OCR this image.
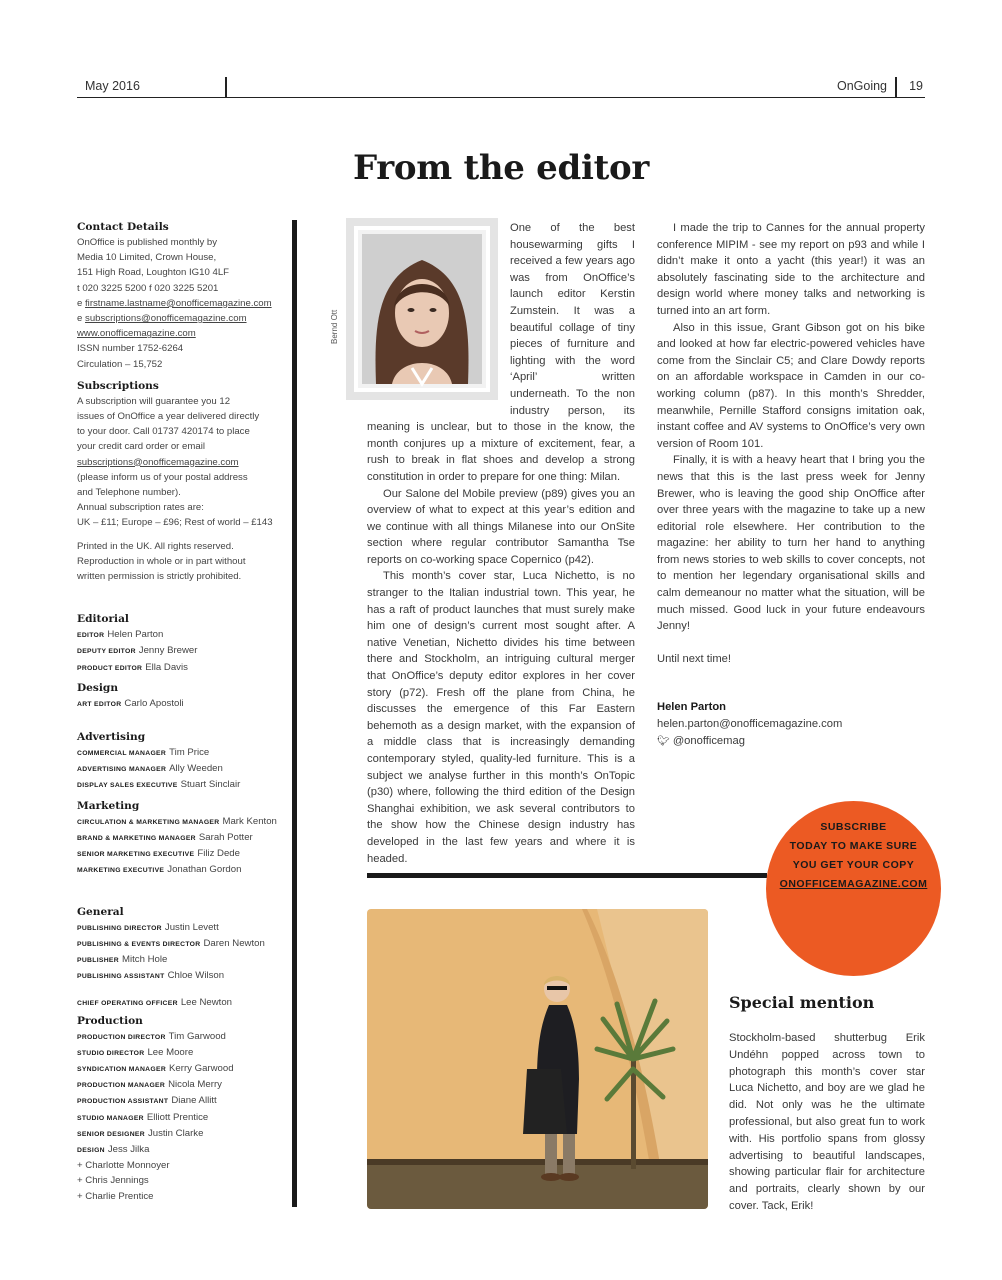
May 2016	OnGoing 19
From the editor
Contact Details
OnOffice is published monthly by
Media 10 Limited, Crown House,
151 High Road, Loughton IG10 4LF
t 020 3225 5200 f 020 3225 5201
e firstname.lastname@onofficemagazine.com
e subscriptions@onofficemagazine.com
www.onofficemagazine.com
ISSN number 1752-6264
Circulation – 15,752
Subscriptions
A subscription will guarantee you 12
issues of OnOffice a year delivered directly
to your door. Call 01737 420174 to place
your credit card order or email
subscriptions@onofficemagazine.com
(please inform us of your postal address
and Telephone number).
Annual subscription rates are:
UK – £11; Europe – £96; Rest of world – £143
Printed in the UK. All rights reserved.
Reproduction in whole or in part without
written permission is strictly prohibited.
Editorial
EDITOR Helen Parton
DEPUTY EDITOR Jenny Brewer
PRODUCT EDITOR Ella Davis
Design
ART EDITOR Carlo Apostoli
Advertising
COMMERCIAL MANAGER Tim Price
ADVERTISING MANAGER Ally Weeden
DISPLAY SALES EXECUTIVE Stuart Sinclair
Marketing
CIRCULATION & MARKETING MANAGER Mark Kenton
BRAND & MARKETING MANAGER Sarah Potter
SENIOR MARKETING EXECUTIVE Filiz Dede
MARKETING EXECUTIVE Jonathan Gordon
General
PUBLISHING DIRECTOR Justin Levett
PUBLISHING & EVENTS DIRECTOR Daren Newton
PUBLISHER Mitch Hole
PUBLISHING ASSISTANT Chloe Wilson
CHIEF OPERATING OFFICER Lee Newton
Production
PRODUCTION DIRECTOR Tim Garwood
STUDIO DIRECTOR Lee Moore
SYNDICATION MANAGER Kerry Garwood
PRODUCTION MANAGER Nicola Merry
PRODUCTION ASSISTANT Diane Allitt
STUDIO MANAGER Elliott Prentice
SENIOR DESIGNER Justin Clarke
DESIGN Jess Jilka
+ Charlotte Monnoyer
+ Chris Jennings
+ Charlie Prentice
Bernd Ott

One of the best housewarming gifts I received a few years ago was from OnOffice’s launch editor Kerstin Zumstein. It was a beautiful collage of tiny pieces of furniture and lighting with the word ‘April’ written underneath. To the non industry person, its meaning is unclear, but to those in the know, the month conjures up a mixture of excitement, fear, a rush to break in flat shoes and develop a strong constitution in order to prepare for one thing: Milan.

Our Salone del Mobile preview (p89) gives you an overview of what to expect at this year’s edition and we continue with all things Milanese into our OnSite section where regular contributor Samantha Tse reports on co-working space Copernico (p42).

This month’s cover star, Luca Nichetto, is no stranger to the Italian industrial town. This year, he has a raft of product launches that must surely make him one of design’s current most sought after. A native Venetian, Nichetto divides his time between there and Stockholm, an intriguing cultural merger that OnOffice’s deputy editor explores in her cover story (p72). Fresh off the plane from China, he discusses the emergence of this Far Eastern behemoth as a design market, with the expansion of a middle class that is increasingly demanding contemporary styled, quality-led furniture. This is a subject we analyse further in this month’s OnTopic (p30) where, following the third edition of the Design Shanghai exhibition, we ask several contributors to the show how the Chinese design industry has developed in the last few years and where it is headed.

I made the trip to Cannes for the annual property conference MIPIM - see my report on p93 and while I didn’t make it onto a yacht (this year!) it was an absolutely fascinating side to the architecture and design world where money talks and networking is turned into an art form.

Also in this issue, Grant Gibson got on his bike and looked at how far electric-powered vehicles have come from the Sinclair C5; and Clare Dowdy reports on an affordable workspace in Camden in our co-working column (p87). In this month’s Shredder, meanwhile, Pernille Stafford consigns imitation oak, instant coffee and AV systems to OnOffice’s very own version of Room 101.

Finally, it is with a heavy heart that I bring you the news that this is the last press week for Jenny Brewer, who is leaving the good ship OnOffice after over three years with the magazine to take up a new editorial role elsewhere. Her contribution to the magazine: her ability to turn her hand to anything from news stories to web skills to cover concepts, not to mention her legendary organisational skills and calm demeanour no matter what the situation, will be much missed. Good luck in your future endeavours Jenny!

Until next time!

Helen Parton

helen.parton@onofficemagazine.com

🐦︎ @onofficemag

SUBSCRIBE
TODAY TO MAKE SURE
YOU GET YOUR COPY
ONOFFICEMAGAZINE.COM
Special mention

Stockholm-based shutterbug Erik Undéhn popped across town to photograph this month’s cover star Luca Nichetto, and boy are we glad he did. Not only was he the ultimate professional, but also great fun to work with. His portfolio spans from glossy advertising to beautiful landscapes, showing particular flair for architecture and portraits, clearly shown by our cover. Tack, Erik!
